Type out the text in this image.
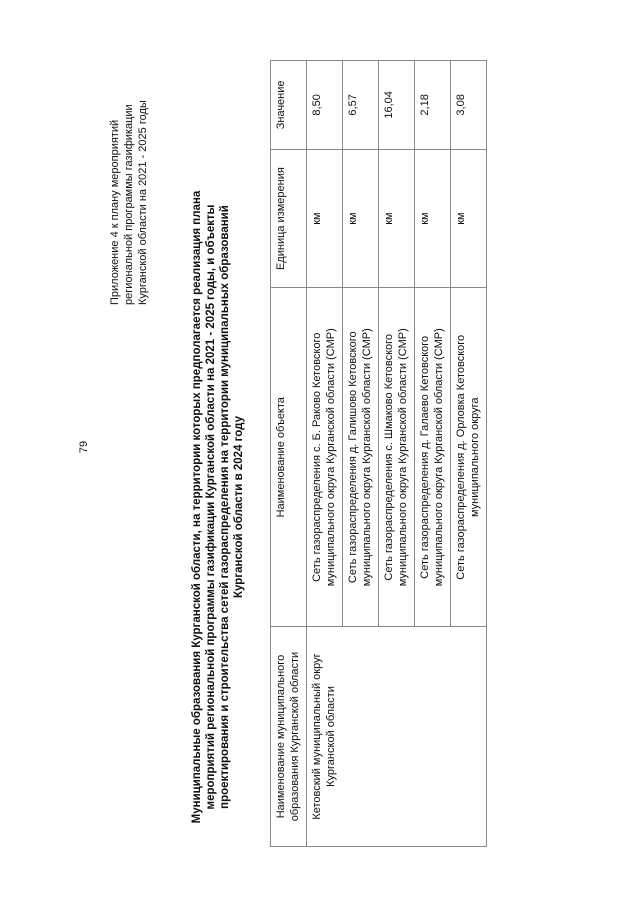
79
Приложение 4 к плану мероприятий региональной программы газификации Курганской области на 2021 - 2025 годы	Муниципальные образования Курганской области, на территории которых предполагается реализация плана мероприятий региональной программы газификации Курганской области на 2021 - 2025 годы, и объекты проектирования и строительства сетей газораспределения на территории муниципальных образований Курганской области в 2024 году
Наименование муниципального образования Курганской области	Наименование объекта	Единица измерения	Значение
Кетовский муниципальный округ Курганской области	Сеть газораспределения с. Б. Раково Кетовского муниципального округа Курганской области (СМР)	км	8,50
	Сеть газораспределения д. Галишово Кетовского муниципального округа Курганской области (СМР)	км	6,57
	Сеть газораспределения с. Шмаково Кетовского муниципального округа Курганской области (СМР)	км	16,04
	Сеть газораспределения д. Галаево Кетовского муниципального округа Курганской области (СМР)	км	2,18
	Сеть газораспределения д. Орловка Кетовского муниципального округа	км	3,08
